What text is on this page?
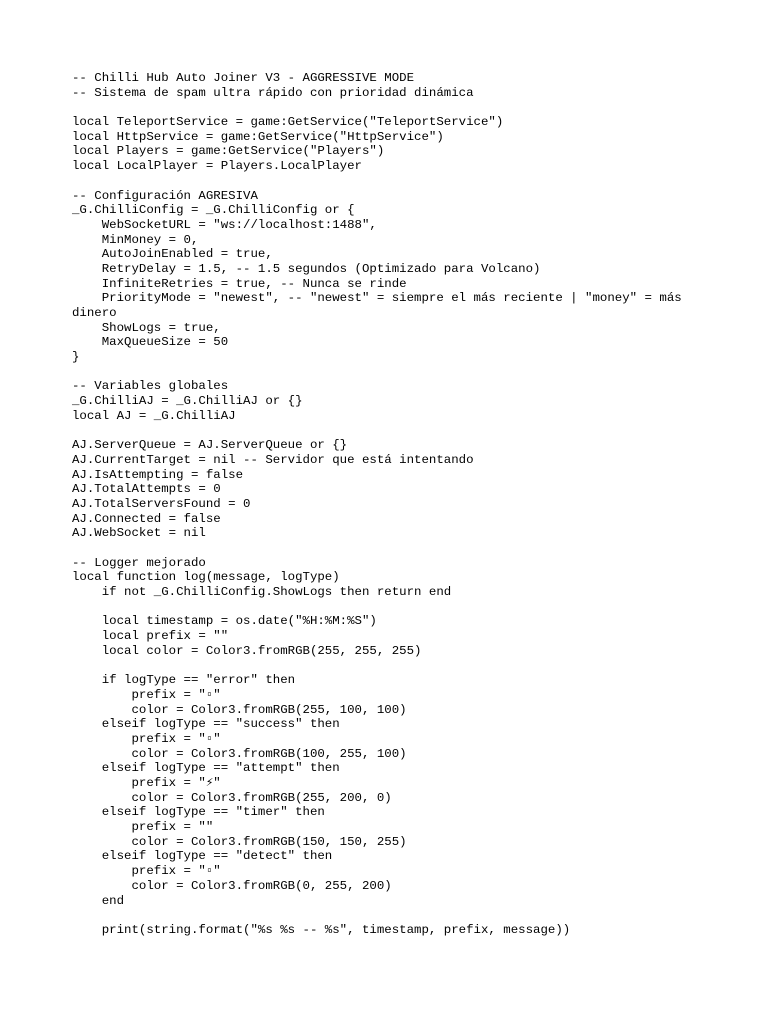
-- Chilli Hub Auto Joiner V3 - AGGRESSIVE MODE
-- Sistema de spam ultra rápido con prioridad dinámica
local TeleportService = game:GetService("TeleportService")
local HttpService = game:GetService("HttpService")
local Players = game:GetService("Players")
local LocalPlayer = Players.LocalPlayer
-- Configuración AGRESIVA
_G.ChilliConfig = _G.ChilliConfig or {
WebSocketURL = "ws://localhost:1488",
MinMoney = 0,
AutoJoinEnabled = true,
RetryDelay = 1.5, -- 1.5 segundos (Optimizado para Volcano)
InfiniteRetries = true, -- Nunca se rinde
PriorityMode = "newest", -- "newest" = siempre el más reciente | "money" = más
dinero
ShowLogs = true,
MaxQueueSize = 50
}
-- Variables globales
_G.ChilliAJ = _G.ChilliAJ or {}
local AJ = _G.ChilliAJ
AJ.ServerQueue = AJ.ServerQueue or {}
AJ.CurrentTarget = nil -- Servidor que está intentando
AJ.IsAttempting = false
AJ.TotalAttempts = 0
AJ.TotalServersFound = 0
AJ.Connected = false
AJ.WebSocket = nil
-- Logger mejorado
local function log(message, logType)
if not _G.ChilliConfig.ShowLogs then return end
local timestamp = os.date("%H:%M:%S")
local prefix = ""
local color = Color3.fromRGB(255, 255, 255)
if logType == "error" then
prefix = "▫"
color = Color3.fromRGB(255, 100, 100)
elseif logType == "success" then
prefix = "▫"
color = Color3.fromRGB(100, 255, 100)
elseif logType == "attempt" then
prefix = "⚡"
color = Color3.fromRGB(255, 200, 0)
elseif logType == "timer" then
prefix = ""
color = Color3.fromRGB(150, 150, 255)
elseif logType == "detect" then
prefix = "▫"
color = Color3.fromRGB(0, 255, 200)
end
print(string.format("%s %s -- %s", timestamp, prefix, message))
